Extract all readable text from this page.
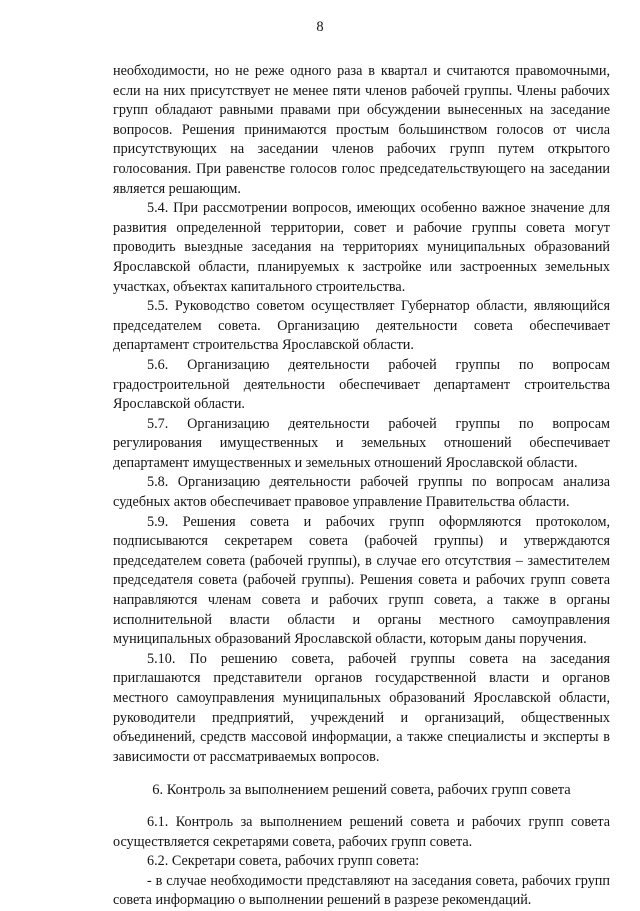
8

необходимости, но не реже одного раза в квартал и считаются правомочными, если на них присутствует не менее пяти членов рабочей группы. Члены рабочих групп обладают равными правами при обсуждении вынесенных на заседание вопросов. Решения принимаются простым большинством голосов от числа присутствующих на заседании членов рабочих групп путем открытого голосования. При равенстве голосов голос председательствующего на заседании является решающим.

5.4. При рассмотрении вопросов, имеющих особенно важное значение для развития определенной территории, совет и рабочие группы совета могут проводить выездные заседания на территориях муниципальных образований Ярославской области, планируемых к застройке или застроенных земельных участках, объектах капитального строительства.

5.5. Руководство советом осуществляет Губернатор области, являющийся председателем совета. Организацию деятельности совета обеспечивает департамент строительства Ярославской области.

5.6. Организацию деятельности рабочей группы по вопросам градостроительной деятельности обеспечивает департамент строительства Ярославской области.

5.7. Организацию деятельности рабочей группы по вопросам регулирования имущественных и земельных отношений обеспечивает департамент имущественных и земельных отношений Ярославской области.

5.8. Организацию деятельности рабочей группы по вопросам анализа судебных актов обеспечивает правовое управление Правительства области.

5.9. Решения совета и рабочих групп оформляются протоколом, подписываются секретарем совета (рабочей группы) и утверждаются председателем совета (рабочей группы), в случае его отсутствия – заместителем председателя совета (рабочей группы). Решения совета и рабочих групп совета направляются членам совета и рабочих групп совета, а также в органы исполнительной власти области и органы местного самоуправления муниципальных образований Ярославской области, которым даны поручения.

5.10. По решению совета, рабочей группы совета на заседания приглашаются представители органов государственной власти и органов местного самоуправления муниципальных образований Ярославской области, руководители предприятий, учреждений и организаций, общественных объединений, средств массовой информации, а также специалисты и эксперты в зависимости от рассматриваемых вопросов.

6. Контроль за выполнением решений совета, рабочих групп совета

6.1. Контроль за выполнением решений совета и рабочих групп совета осуществляется секретарями совета, рабочих групп совета.

6.2. Секретари совета, рабочих групп совета:

- в случае необходимости представляют на заседания совета, рабочих групп совета информацию о выполнении решений в разрезе рекомендаций.
